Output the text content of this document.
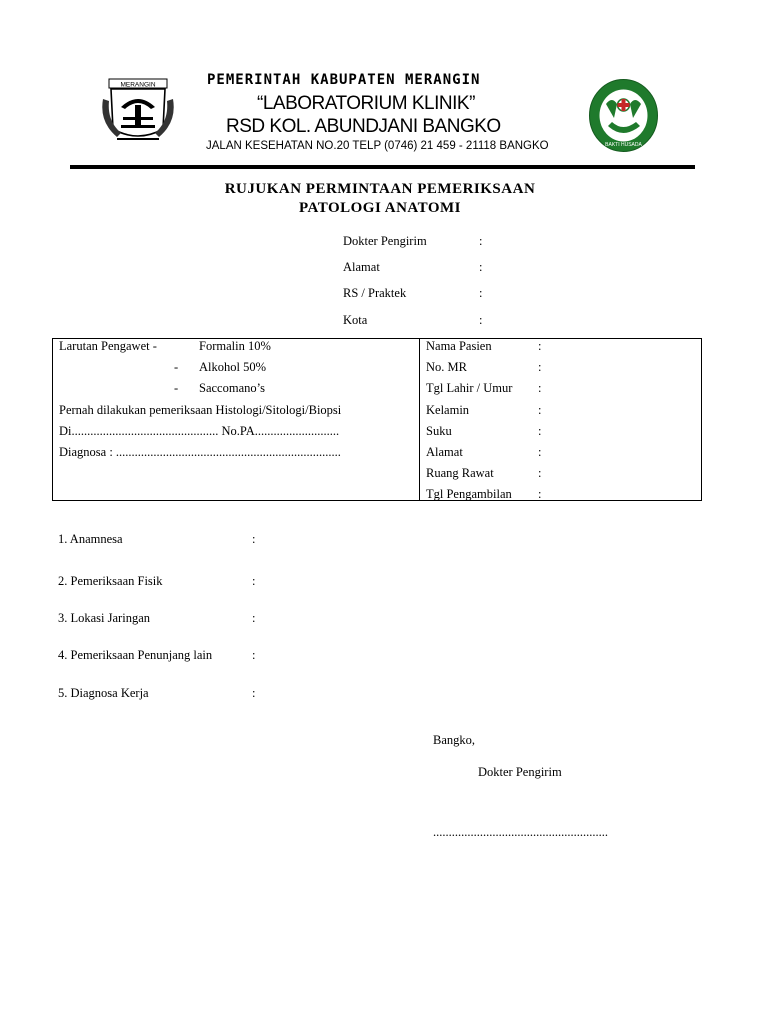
MERANGIN
BAKTI HUSADA
PEMERINTAH KABUPATEN MERANGIN
“LABORATORIUM KLINIK”
RSD KOL. ABUNDJANI BANGKO
JALAN KESEHATAN NO.20 TELP (0746) 21 459 - 21118 BANGKO
RUJUKAN PERMINTAAN PEMERIKSAAN
PATOLOGI ANATOMI
Dokter Pengirim	:
Alamat	:
RS / Praktek	:
Kota	:
Larutan Pengawet -	Formalin 10%
- Alkohol 50%
- Saccomano’s
Pernah dilakukan pemeriksaan Histologi/Sitologi/Biopsi
Di............................................... No.PA...........................
Diagnosa : ........................................................................
Nama Pasien	:
No. MR	:
Tgl Lahir / Umur :
Kelamin	:
Suku	:
Alamat	:
Ruang Rawat	:
Tgl Pengambilan :
1. Anamnesa	:
2. Pemeriksaan Fisik	:
3. Lokasi Jaringan	:
4. Pemeriksaan Penunjang lain	:
5. Diagnosa Kerja	:
Bangko,
Dokter Pengirim
........................................................
